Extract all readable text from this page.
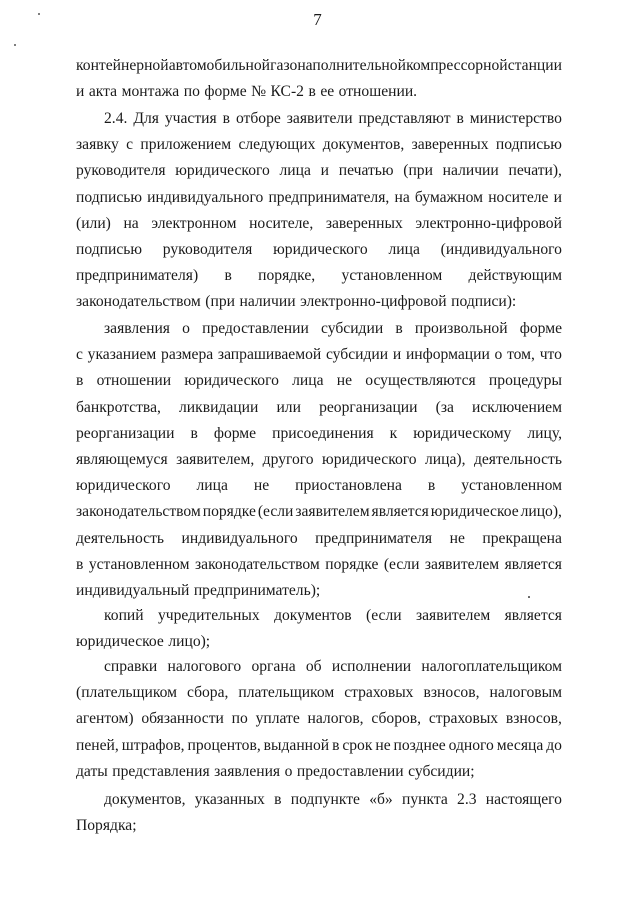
7
контейнерной автомобильной газонаполнительной компрессорной станции
и акта монтажа по форме № КС-2 в ее отношении.
2.4. Для участия в отборе заявители представляют в министерство
заявку с приложением следующих документов, заверенных подписью
руководителя юридического лица и печатью (при наличии печати),
подписью индивидуального предпринимателя, на бумажном носителе и
(или) на электронном носителе, заверенных электронно-цифровой
подписью руководителя юридического лица (индивидуального
предпринимателя) в порядке, установленном действующим
законодательством (при наличии электронно-цифровой подписи):
заявления о предоставлении субсидии в произвольной форме
с указанием размера запрашиваемой субсидии и информации о том, что
в отношении юридического лица не осуществляются процедуры
банкротства, ликвидации или реорганизации (за исключением
реорганизации в форме присоединения к юридическому лицу,
являющемуся заявителем, другого юридического лица), деятельность
юридического лица не приостановлена в установленном
законодательством порядке (если заявителем является юридическое лицо),
деятельность индивидуального предпринимателя не прекращена
в установленном законодательством порядке (если заявителем является
индивидуальный предприниматель);
копий учредительных документов (если заявителем является
юридическое лицо);
справки налогового органа об исполнении налогоплательщиком
(плательщиком сбора, плательщиком страховых взносов, налоговым
агентом) обязанности по уплате налогов, сборов, страховых взносов,
пеней, штрафов, процентов, выданной в срок не позднее одного месяца до
даты представления заявления о предоставлении субсидии;
документов, указанных в подпункте «б» пункта 2.3 настоящего
Порядка;
